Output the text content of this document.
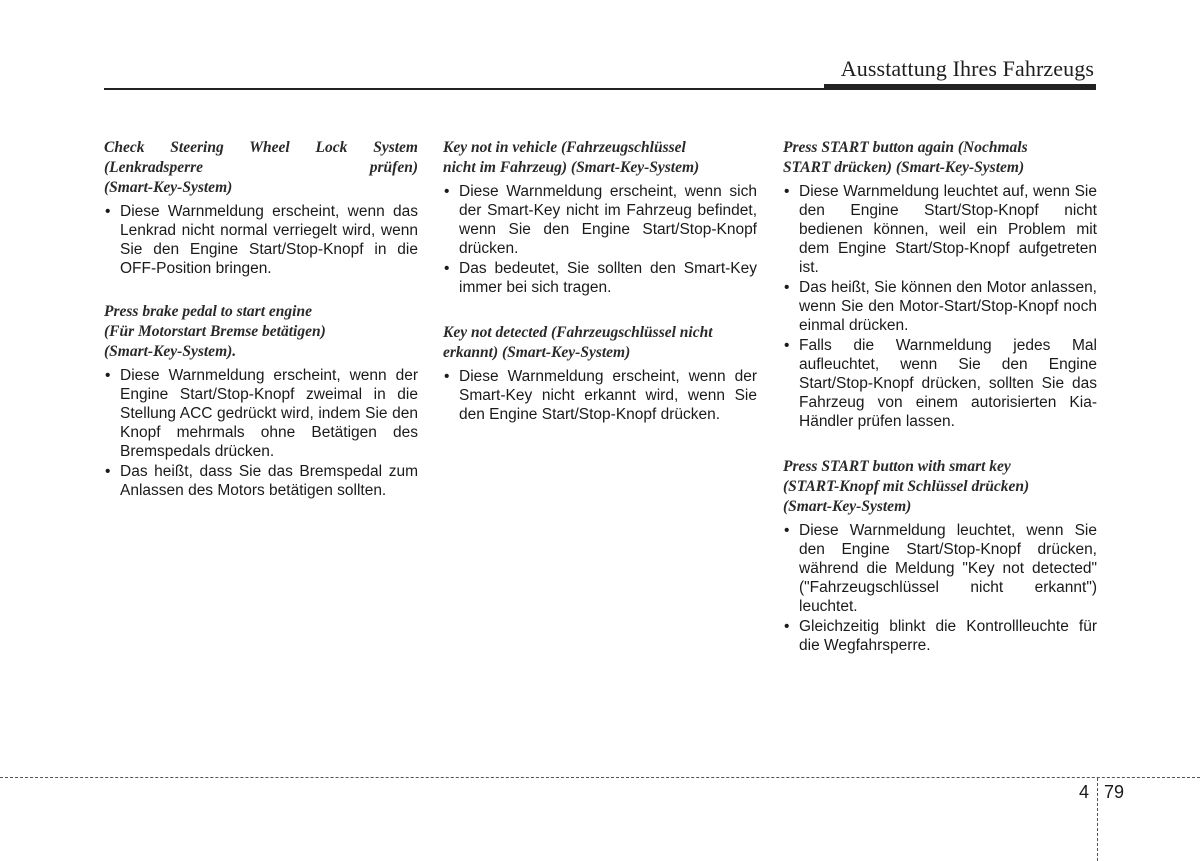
Ausstattung Ihres Fahrzeugs
Check Steering Wheel Lock System
(Lenkradsperre prüfen)
(Smart-Key-System)
• Diese Warnmeldung erscheint, wenn das Lenkrad nicht normal verriegelt wird, wenn Sie den Engine Start/Stop-Knopf in die OFF-Position bringen.
Press brake pedal to start engine
(Für Motorstart Bremse betätigen)
(Smart-Key-System).
• Diese Warnmeldung erscheint, wenn der Engine Start/Stop-Knopf zweimal in die Stellung ACC gedrückt wird, indem Sie den Knopf mehrmals ohne Betätigen des Bremspedals drücken.
• Das heißt, dass Sie das Bremspedal zum Anlassen des Motors betätigen sollten.
Key not in vehicle (Fahrzeugschlüssel
nicht im Fahrzeug) (Smart-Key-System)
• Diese Warnmeldung erscheint, wenn sich der Smart-Key nicht im Fahrzeug befindet, wenn Sie den Engine Start/Stop-Knopf drücken.
• Das bedeutet, Sie sollten den Smart-Key immer bei sich tragen.
Key not detected (Fahrzeugschlüssel nicht
erkannt) (Smart-Key-System)
• Diese Warnmeldung erscheint, wenn der Smart-Key nicht erkannt wird, wenn Sie den Engine Start/Stop-Knopf drücken.
Press START button again (Nochmals
START drücken) (Smart-Key-System)
• Diese Warnmeldung leuchtet auf, wenn Sie den Engine Start/Stop-Knopf nicht bedienen können, weil ein Problem mit dem Engine Start/Stop-Knopf aufgetreten ist.
• Das heißt, Sie können den Motor anlassen, wenn Sie den Motor-Start/Stop-Knopf noch einmal drücken.
• Falls die Warnmeldung jedes Mal aufleuchtet, wenn Sie den Engine Start/Stop-Knopf drücken, sollten Sie das Fahrzeug von einem autorisierten Kia-Händler prüfen lassen.
Press START button with smart key
(START-Knopf mit Schlüssel drücken)
(Smart-Key-System)
• Diese Warnmeldung leuchtet, wenn Sie den Engine Start/Stop-Knopf drücken, während die Meldung "Key not detected" ("Fahrzeugschlüssel nicht erkannt") leuchtet.
• Gleichzeitig blinkt die Kontrollleuchte für die Wegfahrsperre.
4 79
